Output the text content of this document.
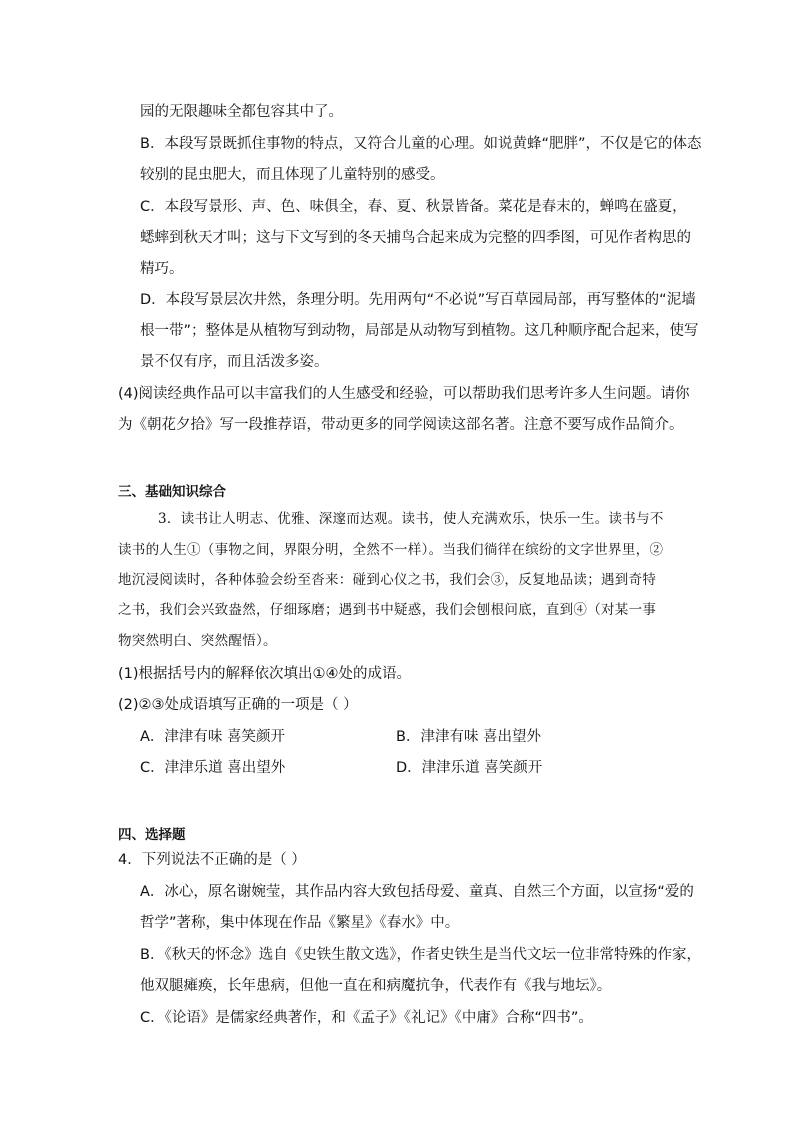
园的无限趣味全都包容其中了。
B．本段写景既抓住事物的特点，又符合儿童的心理。如说黄蜂“肥胖”，不仅是它的体态
较别的昆虫肥大，而且体现了儿童特别的感受。
C．本段写景形、声、色、味俱全，春、夏、秋景皆备。菜花是春末的，蝉鸣在盛夏，
蟋蟀到秋天才叫；这与下文写到的冬天捕鸟合起来成为完整的四季图，可见作者构思的
精巧。
D．本段写景层次井然，条理分明。先用两句“不必说”写百草园局部，再写整体的“泥墙
根一带”；整体是从植物写到动物，局部是从动物写到植物。这几种顺序配合起来，使写
景不仅有序，而且活泼多姿。
(4)阅读经典作品可以丰富我们的人生感受和经验，可以帮助我们思考许多人生问题。请你
为《朝花夕拾》写一段推荐语，带动更多的同学阅读这部名著。注意不要写成作品简介。
三、基础知识综合
3．读书让人明志、优雅、深邃而达观。读书，使人充满欢乐，快乐一生。读书与不
读书的人生①（事物之间，界限分明，全然不一样）。当我们徜徉在缤纷的文字世界里，②
地沉浸阅读时，各种体验会纷至沓来：碰到心仪之书，我们会③，反复地品读；遇到奇特
之书，我们会兴致盎然，仔细琢磨；遇到书中疑惑，我们会刨根问底，直到④（对某一事
物突然明白、突然醒悟）。
(1)根据括号内的解释依次填出①④处的成语。
(2)②③处成语填写正确的一项是（ ）
A．津津有味 喜笑颜开	B．津津有味 喜出望外
C．津津乐道 喜出望外	D．津津乐道 喜笑颜开
四、选择题
4．下列说法不正确的是（ ）
A．冰心，原名谢婉莹，其作品内容大致包括母爱、童真、自然三个方面，以宣扬“爱的
哲学”著称，集中体现在作品《繁星》《春水》中。
B．《秋天的怀念》选自《史铁生散文选》，作者史铁生是当代文坛一位非常特殊的作家，
他双腿瘫痪，长年患病，但他一直在和病魔抗争，代表作有《我与地坛》。
C．《论语》是儒家经典著作，和《孟子》《礼记》《中庸》合称“四书”。
